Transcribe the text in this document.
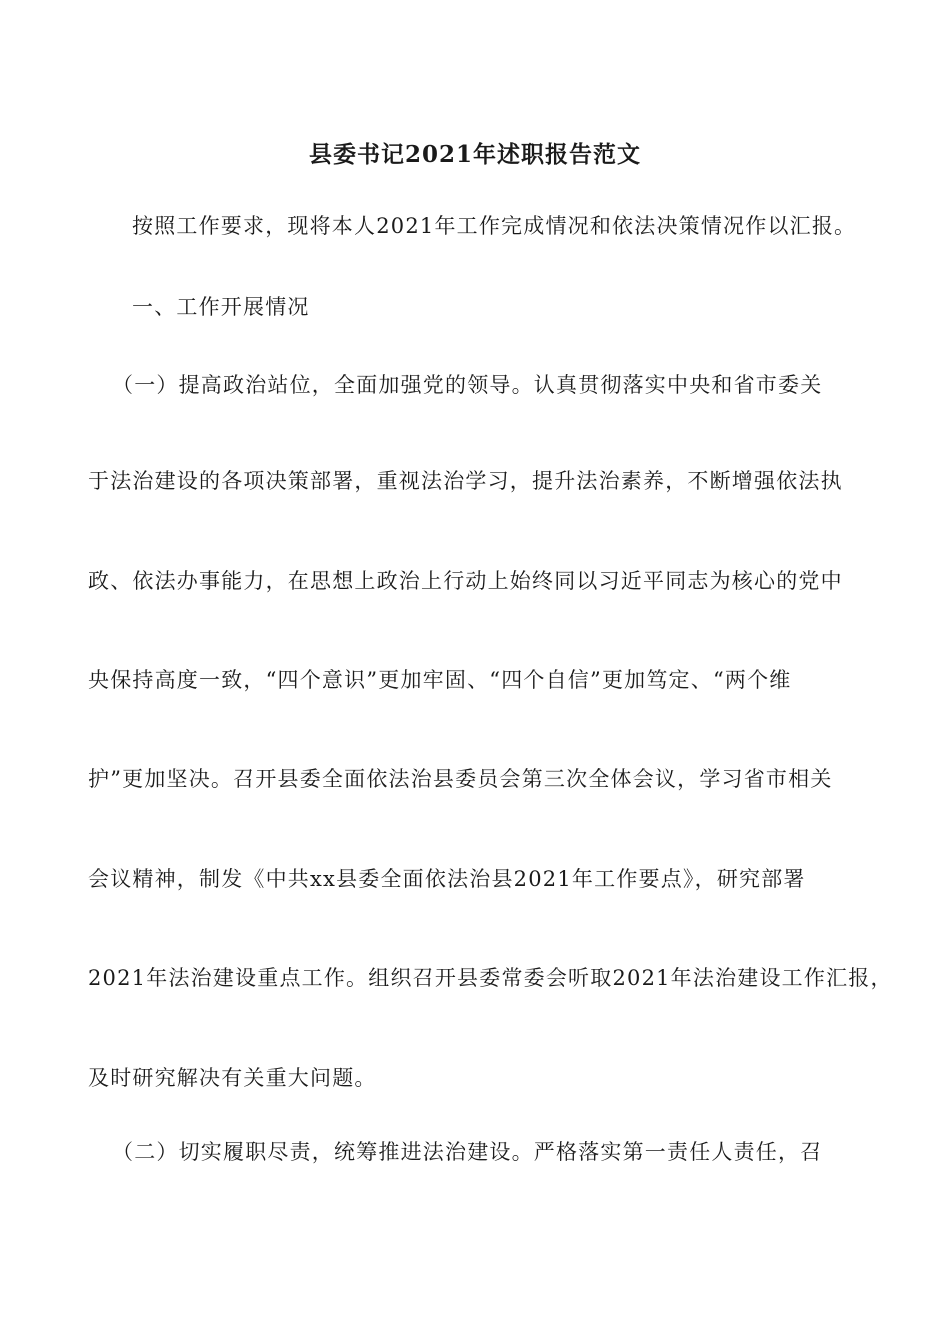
县委书记2021年述职报告范文
按照工作要求，现将本人2021年工作完成情况和依法决策情况作以汇报。
一、工作开展情况
（一）提高政治站位，全面加强党的领导。认真贯彻落实中央和省市委关
于法治建设的各项决策部署，重视法治学习，提升法治素养，不断增强依法执
政、依法办事能力，在思想上政治上行动上始终同以习近平同志为核心的党中
央保持高度一致，“四个意识”更加牢固、“四个自信”更加笃定、“两个维
护”更加坚决。召开县委全面依法治县委员会第三次全体会议，学习省市相关
会议精神，制发《中共xx县委全面依法治县2021年工作要点》，研究部署
2021年法治建设重点工作。组织召开县委常委会听取2021年法治建设工作汇报，
及时研究解决有关重大问题。
（二）切实履职尽责，统筹推进法治建设。严格落实第一责任人责任，召
